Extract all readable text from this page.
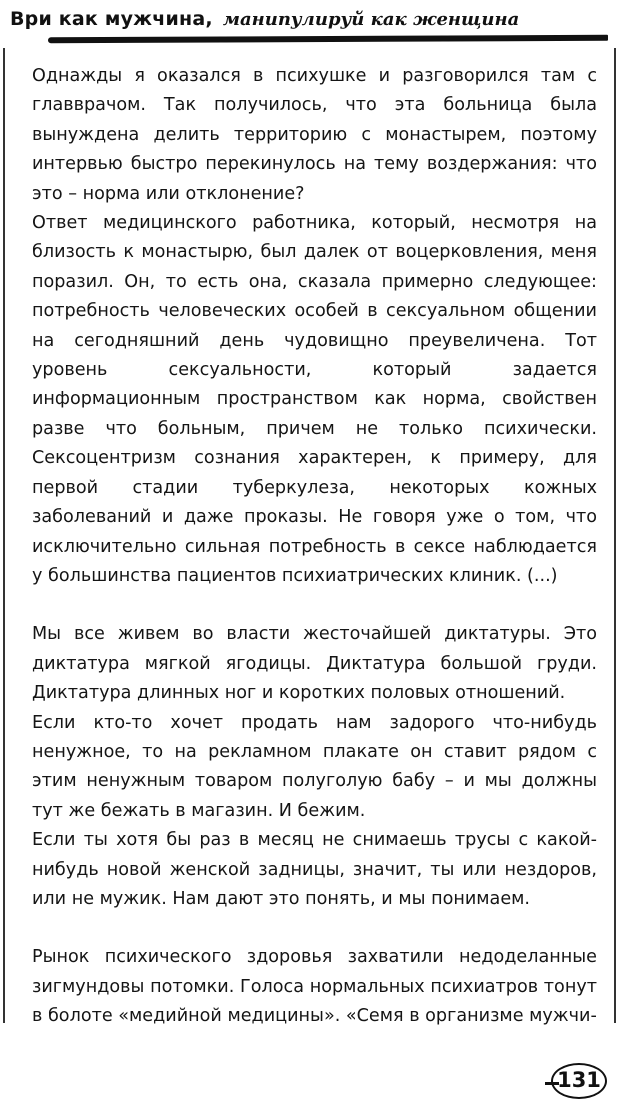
Ври как мужчина, манипулируй как женщина

Однажды я оказался в психушке и разговорился там с главврачом. Так получилось, что эта больница была вынуждена делить территорию с монастырем, поэтому интервью быстро перекинулось на тему воздержания: что это – норма или отклонение?

Ответ медицинского работника, который, несмотря на близость к монастырю, был далек от воцерковления, меня поразил. Он, то есть она, сказала примерно следующее: потребность человеческих особей в сексуальном общении на сегодняшний день чудовищно преувеличена. Тот уровень сексуальности, который задается информационным пространством как норма, свойствен разве что больным, причем не только психически. Сексоцентризм сознания характерен, к примеру, для первой стадии туберкулеза, некоторых кожных заболеваний и даже проказы. Не говоря уже о том, что исключительно сильная потребность в сексе наблюдается у большинства пациентов психиатрических клиник. (...)

Мы все живем во власти жесточайшей диктатуры. Это диктатура мягкой ягодицы. Диктатура большой груди. Диктатура длинных ног и коротких половых отношений.

Если кто-то хочет продать нам задорого что-нибудь ненужное, то на рекламном плакате он ставит рядом с этим ненужным товаром полуголую бабу – и мы должны тут же бежать в магазин. И бежим.

Если ты хотя бы раз в месяц не снимаешь трусы с какой-нибудь новой женской задницы, значит, ты или нездоров, или не мужик. Нам дают это понять, и мы понимаем.

Рынок психического здоровья захватили недоделанные зигмундовы потомки. Голоса нормальных психиатров тонут в болоте «медийной медицины». «Семя в организме мужчи-

131
